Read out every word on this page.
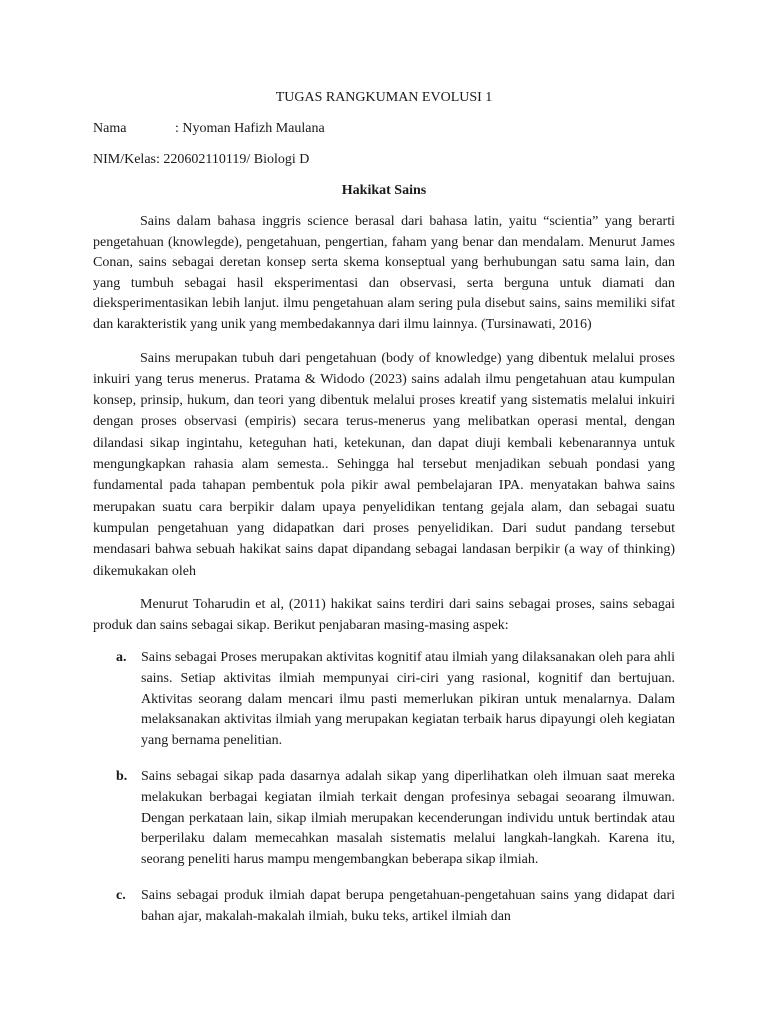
TUGAS RANGKUMAN EVOLUSI 1

Nama	: Nyoman Hafizh Maulana

NIM/Kelas: 220602110119/ Biologi D

Hakikat Sains

Sains dalam bahasa inggris science berasal dari bahasa latin, yaitu “scientia” yang berarti pengetahuan (knowlegde), pengetahuan, pengertian, faham yang benar dan mendalam. Menurut James Conan, sains sebagai deretan konsep serta skema konseptual yang berhubungan satu sama lain, dan yang tumbuh sebagai hasil eksperimentasi dan observasi, serta berguna untuk diamati dan dieksperimentasikan lebih lanjut. ilmu pengetahuan alam sering pula disebut sains, sains memiliki sifat dan karakteristik yang unik yang membedakannya dari ilmu lainnya. (Tursinawati, 2016)

Sains merupakan tubuh dari pengetahuan (body of knowledge) yang dibentuk melalui proses inkuiri yang terus menerus. Pratama & Widodo (2023) sains adalah ilmu pengetahuan atau kumpulan konsep, prinsip, hukum, dan teori yang dibentuk melalui proses kreatif yang sistematis melalui inkuiri dengan proses observasi (empiris) secara terus-menerus yang melibatkan operasi mental, dengan dilandasi sikap ingintahu, keteguhan hati, ketekunan, dan dapat diuji kembali kebenarannya untuk mengungkapkan rahasia alam semesta.. Sehingga hal tersebut menjadikan sebuah pondasi yang fundamental pada tahapan pembentuk pola pikir awal pembelajaran IPA. menyatakan bahwa sains merupakan suatu cara berpikir dalam upaya penyelidikan tentang gejala alam, dan sebagai suatu kumpulan pengetahuan yang didapatkan dari proses penyelidikan. Dari sudut pandang tersebut mendasari bahwa sebuah hakikat sains dapat dipandang sebagai landasan berpikir (a way of thinking) dikemukakan oleh

Menurut Toharudin et al, (2011) hakikat sains terdiri dari sains sebagai proses, sains sebagai produk dan sains sebagai sikap. Berikut penjabaran masing-masing aspek:

a.	Sains sebagai Proses merupakan aktivitas kognitif atau ilmiah yang dilaksanakan oleh para ahli sains. Setiap aktivitas ilmiah mempunyai ciri-ciri yang rasional, kognitif dan bertujuan. Aktivitas seorang dalam mencari ilmu pasti memerlukan pikiran untuk menalarnya. Dalam melaksanakan aktivitas ilmiah yang merupakan kegiatan terbaik harus dipayungi oleh kegiatan yang bernama penelitian.
b. Sains sebagai sikap pada dasarnya adalah sikap yang diperlihatkan oleh ilmuan saat mereka melakukan berbagai kegiatan ilmiah terkait dengan profesinya sebagai seoarang ilmuwan. Dengan perkataan lain, sikap ilmiah merupakan kecenderungan individu untuk bertindak atau berperilaku dalam memecahkan masalah sistematis melalui langkah-langkah. Karena itu, seorang peneliti harus mampu mengembangkan beberapa sikap ilmiah.
c.	Sains sebagai produk ilmiah dapat berupa pengetahuan-pengetahuan sains yang didapat dari bahan ajar, makalah-makalah ilmiah, buku teks, artikel ilmiah dan
